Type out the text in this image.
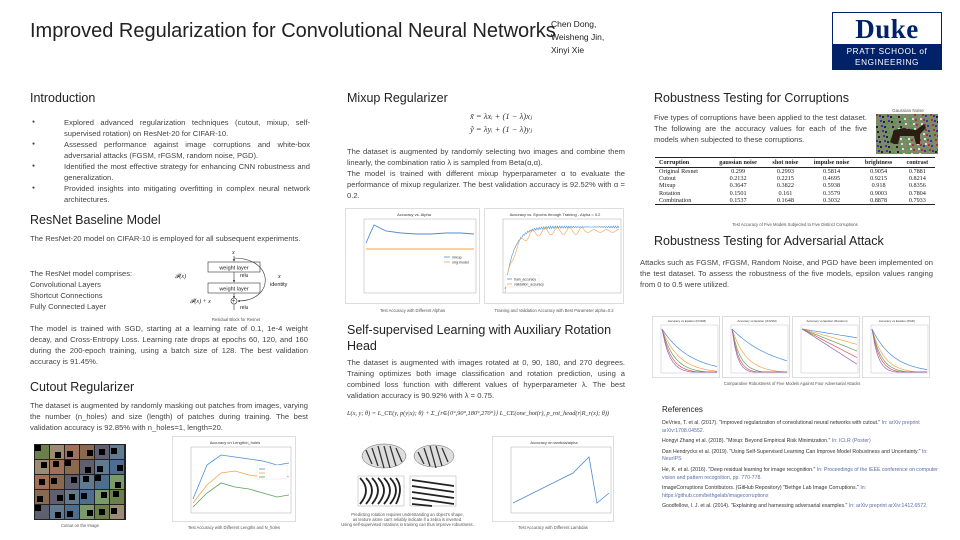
Improved Regularization for Convolutional Neural Networks
Chen Dong,
Weisheng Jin,
Xinyi Xie
Duke
PRATT SCHOOL of
ENGINEERING
Introduction
● Explored advanced regularization techniques (cutout, mixup, self-supervised rotation) on ResNet-20 for CIFAR-10.
● Assessed performance against image corruptions and white-box adversarial attacks (FGSM, rFGSM, random noise, PGD).
● Identified the most effective strategy for enhancing CNN robustness and generalization.
● Provided insights into mitigating overfitting in complex neural network architectures.
ResNet Baseline Model
The ResNet-20 model on CIFAR-10 is employed for all subsequent experiments.
The ResNet model comprises:
Convolutional Layers
Shortcut Connections
Fully Connected Layer
x
weight layer
relu
weight layer
𝓕(x)
+
x
identity
𝓕(x) + x
relu
Residual Block for Resnet
The model is trained with SGD, starting at a learning rate of 0.1, 1e-4 weight decay, and Cross-Entropy Loss. Learning rate drops at epochs 60, 120, and 160 during the 200-epoch training, using a batch size of 128. The best validation accuracy is 91.45%.
Cutout Regularizer
The dataset is augmented by randomly masking out patches from images, varying the number (n_holes) and size (length) of patches during training. The best validation accuracy is 92.85% with n_holes=1, length=20.
Cutout on the Image
Accuracy on Length/n_holes
Test Accuracy with Different Lengths and N_holes
Mixup Regularizer
x̃ = λxᵢ + (1 − λ)xⱼ
ỹ = λyᵢ + (1 − λ)yⱼ
The dataset is augmented by randomly selecting two images and combine them linearly, the combination ratio λ is sampled from Beta(α,α).
The model is trained with different mixup hyperparameter α to evaluate the performance of mixup regularizer. The best validation accuracy is 92.52% with α = 0.2.
Accuracy vs. Alpha
mixup
orig model
Test Accuracy with Different Alphas
Accuracy vs. Epochs through Training - Alpha = 0.2
train_accuracy
validation_accuracy
Training and Validation Accuracy with Best Parameter alpha=0.2
Self-supervised Learning with Auxiliary Rotation Head
The dataset is augmented with images rotated at 0, 90, 180, and 270 degrees. Training optimizes both image classification and rotation prediction, using a combined loss function with different values of hyperparameter λ. The best validation accuracy is 90.92% with λ = 0.75.
L(x, y; θ) = L_CE(y, p(y|x); θ) + Σ_{r∈{0°,90°,180°,270°}} L_CE(one_hot(r), p_rot_head(r|R_r(x); θ))
Predicting rotation requires understanding an object's shape,
as texture alone can't reliably indicate if a zebra is inverted.
Using self-supervised rotations in training can thus improve robustness.
Accuracy on lambda/alpha
Test Accuracy with Different Lambdas
Robustness Testing for Corruptions
Five types of corruptions have been applied to the test dataset. The following are the accuracy values for each of the five models when subjected to these corruptions.
Gaussian Noise
Corruption	gaussian noise	shot noise	impulse noise	brightness	contrast
Original Resnet	0.299	0.2993	0.5814	0.9054	0.7881
Cutout	0.2132	0.2215	0.4695	0.9215	0.8214
Mixup	0.3647	0.3822	0.5938	0.918	0.8356
Rotation	0.1501	0.161	0.3579	0.9003	0.7804
Combination	0.1537	0.1648	0.3032	0.8878	0.7933
Test Accuracy of Five Models Subjected to Five Distinct Corruptions
Robustness Testing for Adversarial Attack
Attacks such as FGSM, rFGSM, Random Noise, and PGD have been implemented on the test dataset. To assess the robustness of the five models, epsilon values ranging from 0 to 0.5 were utilized.
Accuracy vs Epsilon (FGSM)	Accuracy vs Epsilon (rFGSM)	Accuracy vs Epsilon (Random)	Accuracy vs Epsilon (PGD)
Comparative Robustness of Five Models Against Four Adversarial Attacks
References

DeVries, T. et al. (2017). "Improved regularization of convolutional neural networks with cutout." In: arXiv preprint arXiv:1708.04552.

Hongyi Zhang et al. (2018). "Mixup: Beyond Empirical Risk Minimization." In: ICLR (Poster)

Dan Hendrycks et al. (2019). "Using Self-Supervised Learning Can Improve Model Robustness and Uncertainty." In: NeurIPS

He, K. et al. (2016). "Deep residual learning for image recognition." In: Proceedings of the IEEE conference on computer vision and pattern recognition, pp. 770-778.

ImageCorruptions Contributors. (GitHub Repository) "Bethge Lab Image Corruptions." In: https://github.com/bethgelab/imagecorruptions

Goodfellow, I. J. et al. (2014). "Explaining and harnessing adversarial examples." In: arXiv preprint arXiv:1412.6572.
